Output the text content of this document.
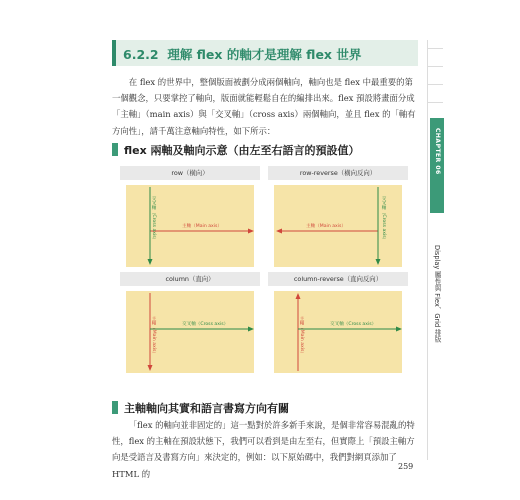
CHAPTER 06
Display 屬性與 Flex、Grid 排版
6.2.2 理解 flex 的軸才是理解 flex 世界

在 flex 的世界中，整個版面被劃分成兩個軸向，軸向也是 flex 中最重要的第一個觀念，只要掌控了軸向，版面就能輕鬆自在的編排出來。flex 預設將畫面分成「主軸」（main axis）與「交叉軸」（cross axis）兩個軸向，並且 flex 的「軸有方向性」，請千萬注意軸向特性，如下所示：

flex 兩軸及軸向示意（由左至右語言的預設值）
row（橫向）
主軸（Main axis）
交叉軸（Cross axis）
row-reverse（橫向反向）
主軸（Main axis）	交叉軸（Cross axis）
column（直向）
主軸（Main axis）	交叉軸（Cross axis）
column-reverse（直向反向）
主軸（Main axis）	交叉軸（Cross axis）
主軸軸向其實和語言書寫方向有關

「flex 的軸向並非固定的」這一點對於許多新手來說，是個非常容易混亂的特性，flex 的主軸在預設狀態下，我們可以看到是由左至右，但實際上「預設主軸方向是受語言及書寫方向」來決定的，例如：以下原始碼中，我們對網頁添加了 HTML 的

259
